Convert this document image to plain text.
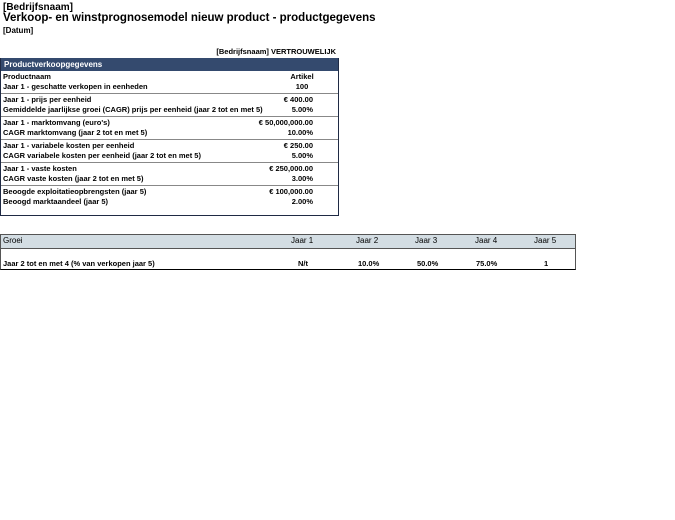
[Bedrijfsnaam]
Verkoop- en winstprognosemodel nieuw product - productgegevens
[Datum]
[Bedrijfsnaam] VERTROUWELIJK
Productverkoopgegevens
Productnaam	Artikel
Jaar 1 - geschatte verkopen in eenheden	100
Jaar 1 - prijs per eenheid	€ 400.00
Gemiddelde jaarlijkse groei (CAGR) prijs per eenheid (jaar 2 tot en met 5)	5.00%
Jaar 1 - marktomvang (euro's)	€ 50,000,000.00
CAGR marktomvang (jaar 2 tot en met 5)	10.00%
Jaar 1 - variabele kosten per eenheid	€ 250.00
CAGR variabele kosten per eenheid (jaar 2 tot en met 5)	5.00%
Jaar 1 - vaste kosten	€ 250,000.00
CAGR vaste kosten (jaar 2 tot en met 5)	3.00%
Beoogde exploitatieopbrengsten (jaar 5)	€ 100,000.00
Beoogd marktaandeel (jaar 5)	2.00%
Groei	Jaar 1	Jaar 2	Jaar 3	Jaar 4	Jaar 5
Jaar 2 tot en met 4 (% van verkopen jaar 5)	N/t	10.0%	50.0%	75.0%	1
